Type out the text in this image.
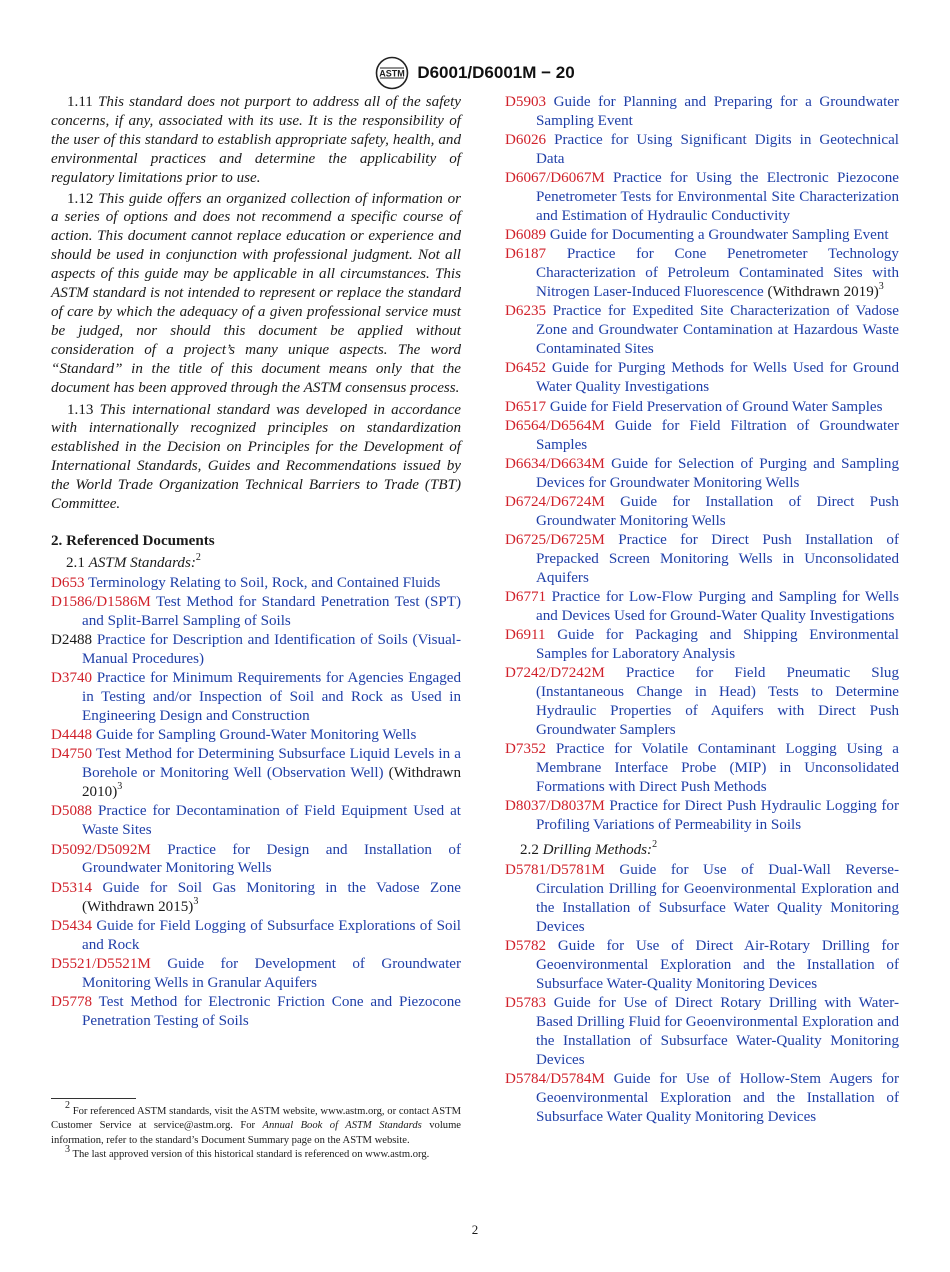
ASTM D6001/D6001M − 20

1.11 This standard does not purport to address all of the safety concerns, if any, associated with its use. It is the responsibility of the user of this standard to establish appropriate safety, health, and environmental practices and determine the applicability of regulatory limitations prior to use.

1.12 This guide offers an organized collection of information or a series of options and does not recommend a specific course of action. This document cannot replace education or experience and should be used in conjunction with professional judgment. Not all aspects of this guide may be applicable in all circumstances. This ASTM standard is not intended to represent or replace the standard of care by which the adequacy of a given professional service must be judged, nor should this document be applied without consideration of a project’s many unique aspects. The word “Standard” in the title of this document means only that the document has been approved through the ASTM consensus process.

1.13 This international standard was developed in accordance with internationally recognized principles on standardization established in the Decision on Principles for the Development of International Standards, Guides and Recommendations issued by the World Trade Organization Technical Barriers to Trade (TBT) Committee.

2. Referenced Documents
2.1 ASTM Standards:$^2$
D653 Terminology Relating to Soil, Rock, and Contained Fluids
D1586/D1586M Test Method for Standard Penetration Test (SPT) and Split-Barrel Sampling of Soils
D2488 Practice for Description and Identification of Soils (Visual-Manual Procedures)
D3740 Practice for Minimum Requirements for Agencies Engaged in Testing and/or Inspection of Soil and Rock as Used in Engineering Design and Construction
D4448 Guide for Sampling Ground-Water Monitoring Wells
D4750 Test Method for Determining Subsurface Liquid Levels in a Borehole or Monitoring Well (Observation Well) (Withdrawn 2010)$^3$
D5088 Practice for Decontamination of Field Equipment Used at Waste Sites
D5092/D5092M Practice for Design and Installation of Groundwater Monitoring Wells
D5314 Guide for Soil Gas Monitoring in the Vadose Zone (Withdrawn 2015)$^3$
D5434 Guide for Field Logging of Subsurface Explorations of Soil and Rock
D5521/D5521M Guide for Development of Groundwater Monitoring Wells in Granular Aquifers
D5778 Test Method for Electronic Friction Cone and Piezocone Penetration Testing of Soils
D5903 Guide for Planning and Preparing for a Groundwater Sampling Event
D6026 Practice for Using Significant Digits in Geotechnical Data
D6067/D6067M Practice for Using the Electronic Piezocone Penetrometer Tests for Environmental Site Characterization and Estimation of Hydraulic Conductivity
D6089 Guide for Documenting a Groundwater Sampling Event
D6187 Practice for Cone Penetrometer Technology Characterization of Petroleum Contaminated Sites with Nitrogen Laser-Induced Fluorescence (Withdrawn 2019)$^3$
D6235 Practice for Expedited Site Characterization of Vadose Zone and Groundwater Contamination at Hazardous Waste Contaminated Sites
D6452 Guide for Purging Methods for Wells Used for Ground Water Quality Investigations
D6517 Guide for Field Preservation of Ground Water Samples
D6564/D6564M Guide for Field Filtration of Groundwater Samples
D6634/D6634M Guide for Selection of Purging and Sampling Devices for Groundwater Monitoring Wells
D6724/D6724M Guide for Installation of Direct Push Groundwater Monitoring Wells
D6725/D6725M Practice for Direct Push Installation of Prepacked Screen Monitoring Wells in Unconsolidated Aquifers
D6771 Practice for Low-Flow Purging and Sampling for Wells and Devices Used for Ground-Water Quality Investigations
D6911 Guide for Packaging and Shipping Environmental Samples for Laboratory Analysis
D7242/D7242M Practice for Field Pneumatic Slug (Instantaneous Change in Head) Tests to Determine Hydraulic Properties of Aquifers with Direct Push Groundwater Samplers
D7352 Practice for Volatile Contaminant Logging Using a Membrane Interface Probe (MIP) in Unconsolidated Formations with Direct Push Methods
D8037/D8037M Practice for Direct Push Hydraulic Logging for Profiling Variations of Permeability in Soils
2.2 Drilling Methods:$^2$
D5781/D5781M Guide for Use of Dual-Wall Reverse-Circulation Drilling for Geoenvironmental Exploration and the Installation of Subsurface Water Quality Monitoring Devices
D5782 Guide for Use of Direct Air-Rotary Drilling for Geoenvironmental Exploration and the Installation of Subsurface Water-Quality Monitoring Devices
D5783 Guide for Use of Direct Rotary Drilling with Water-Based Drilling Fluid for Geoenvironmental Exploration and the Installation of Subsurface Water-Quality Monitoring Devices
D5784/D5784M Guide for Use of Hollow-Stem Augers for Geoenvironmental Exploration and the Installation of Subsurface Water Quality Monitoring Devices

$^2$ For referenced ASTM standards, visit the ASTM website, www.astm.org, or contact ASTM Customer Service at service@astm.org. For Annual Book of ASTM Standards volume information, refer to the standard’s Document Summary page on the ASTM website.

$^3$ The last approved version of this historical standard is referenced on www.astm.org.

2
